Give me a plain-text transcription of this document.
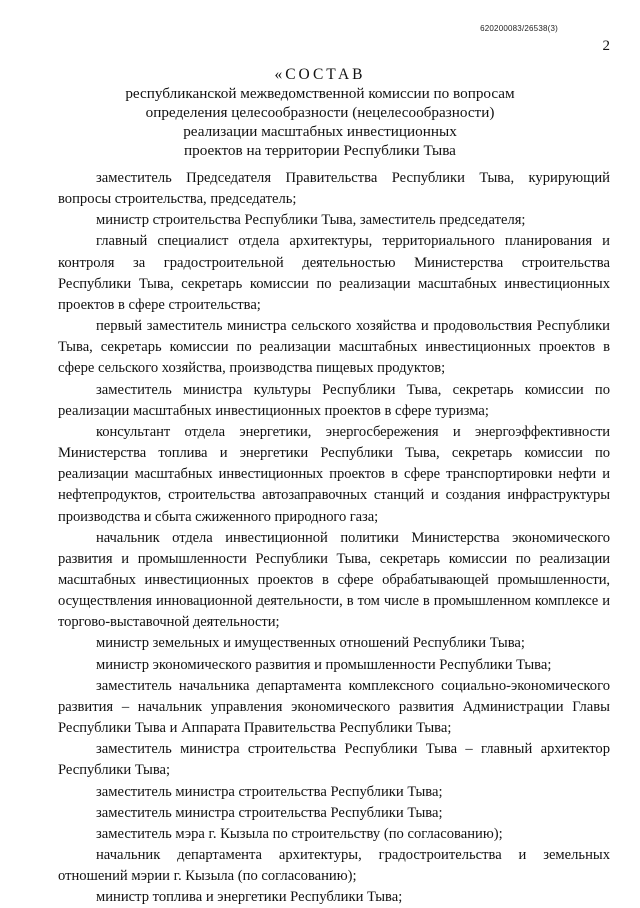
620200083/26538(3)
2
«СОСТАВ
республиканской межведомственной комиссии по вопросам
определения целесообразности (нецелесообразности)
реализации масштабных инвестиционных
проектов на территории Республики Тыва

заместитель Председателя Правительства Республики Тыва, курирующий вопросы строительства, председатель;

министр строительства Республики Тыва, заместитель председателя;

главный специалист отдела архитектуры, территориального планирования и контроля за градостроительной деятельностью Министерства строительства Республики Тыва, секретарь комиссии по реализации масштабных инвестиционных проектов в сфере строительства;

первый заместитель министра сельского хозяйства и продовольствия Республики Тыва, секретарь комиссии по реализации масштабных инвестиционных проектов в сфере сельского хозяйства, производства пищевых продуктов;

заместитель министра культуры Республики Тыва, секретарь комиссии по реализации масштабных инвестиционных проектов в сфере туризма;

консультант отдела энергетики, энергосбережения и энергоэффективности Министерства топлива и энергетики Республики Тыва, секретарь комиссии по реализации масштабных инвестиционных проектов в сфере транспортировки нефти и нефтепродуктов, строительства автозаправочных станций и создания инфраструктуры производства и сбыта сжиженного природного газа;

начальник отдела инвестиционной политики Министерства экономического развития и промышленности Республики Тыва, секретарь комиссии по реализации масштабных инвестиционных проектов в сфере обрабатывающей промышленности, осуществления инновационной деятельности, в том числе в промышленном комплексе и торгово-выставочной деятельности;

министр земельных и имущественных отношений Республики Тыва;

министр экономического развития и промышленности Республики Тыва;

заместитель начальника департамента комплексного социально-экономического развития – начальник управления экономического развития Администрации Главы Республики Тыва и Аппарата Правительства Республики Тыва;

заместитель министра строительства Республики Тыва – главный архитектор Республики Тыва;

заместитель министра строительства Республики Тыва;

заместитель министра строительства Республики Тыва;

заместитель мэра г. Кызыла по строительству (по согласованию);

начальник департамента архитектуры, градостроительства и земельных отношений мэрии г. Кызыла (по согласованию);

министр топлива и энергетики Республики Тыва;
